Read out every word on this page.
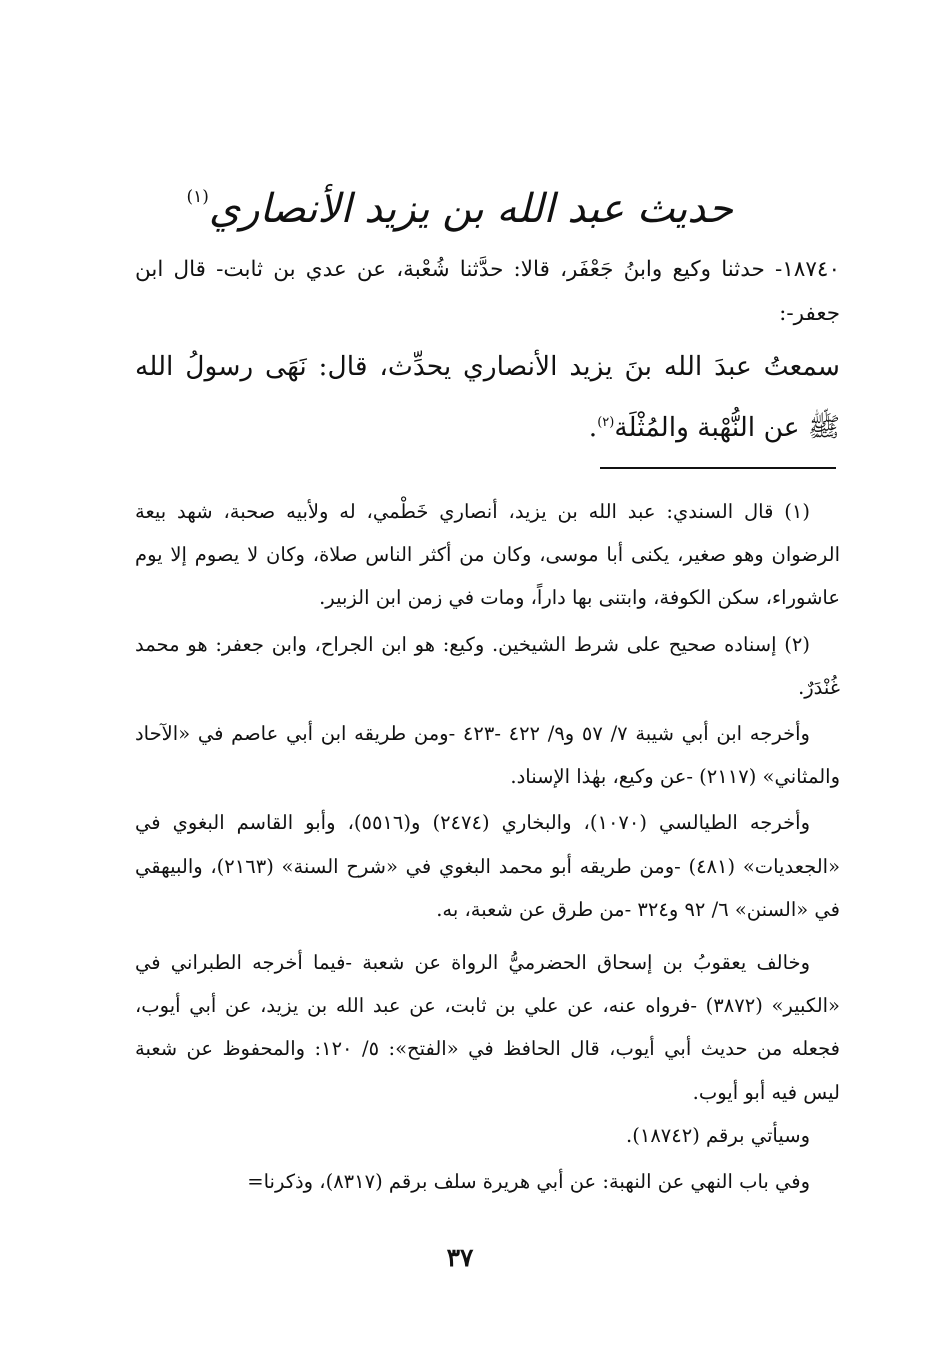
حديث عبد الله بن يزيد الأنصاري$^{(١)}$
١٨٧٤٠- حدثنا وكيع وابنُ جَعْفَر، قالا: حدَّثنا شُعْبة، عن عدي بن ثابت- قال ابن جعفر-:
سمعتُ عبدَ الله بنَ يزيد الأنصاري يحدِّث، قال: نَهَى رسولُ الله ﷺ عن النُّهْبة والمُثْلَة$^{(٢)}$.

(١) قال السندي: عبد الله بن يزيد، أنصاري خَطْمي، له ولأبيه صحبة، شهد بيعة الرضوان وهو صغير، يكنى أبا موسى، وكان من أكثر الناس صلاة، وكان لا يصوم إلا يوم عاشوراء، سكن الكوفة، وابتنى بها داراً، ومات في زمن ابن الزبير.

(٢) إسناده صحيح على شرط الشيخين. وكيع: هو ابن الجراح، وابن جعفر: هو محمد غُنْدَرٌ.

وأخرجه ابن أبي شيبة ٧/ ٥٧ و٩/ ٤٢٢ -٤٢٣ -ومن طريقه ابن أبي عاصم في «الآحاد والمثاني» (٢١١٧) -عن وكيع، بهٰذا الإسناد.

وأخرجه الطيالسي (١٠٧٠)، والبخاري (٢٤٧٤) و(٥٥١٦)، وأبو القاسم البغوي في «الجعديات» (٤٨١) -ومن طريقه أبو محمد البغوي في «شرح السنة» (٢١٦٣)، والبيهقي في «السنن» ٦/ ٩٢ و٣٢٤ -من طرق عن شعبة، به.

وخالف يعقوبُ بن إسحاق الحضرميُّ الرواة عن شعبة -فيما أخرجه الطبراني في «الكبير» (٣٨٧٢) -فرواه عنه، عن علي بن ثابت، عن عبد الله بن يزيد، عن أبي أيوب، فجعله من حديث أبي أيوب، قال الحافظ في «الفتح»: ٥/ ١٢٠: والمحفوظ عن شعبة ليس فيه أبو أيوب.

وسيأتي برقم (١٨٧٤٢).

وفي باب النهي عن النهبة: عن أبي هريرة سلف برقم (٨٣١٧)، وذكرنا=

٣٧
